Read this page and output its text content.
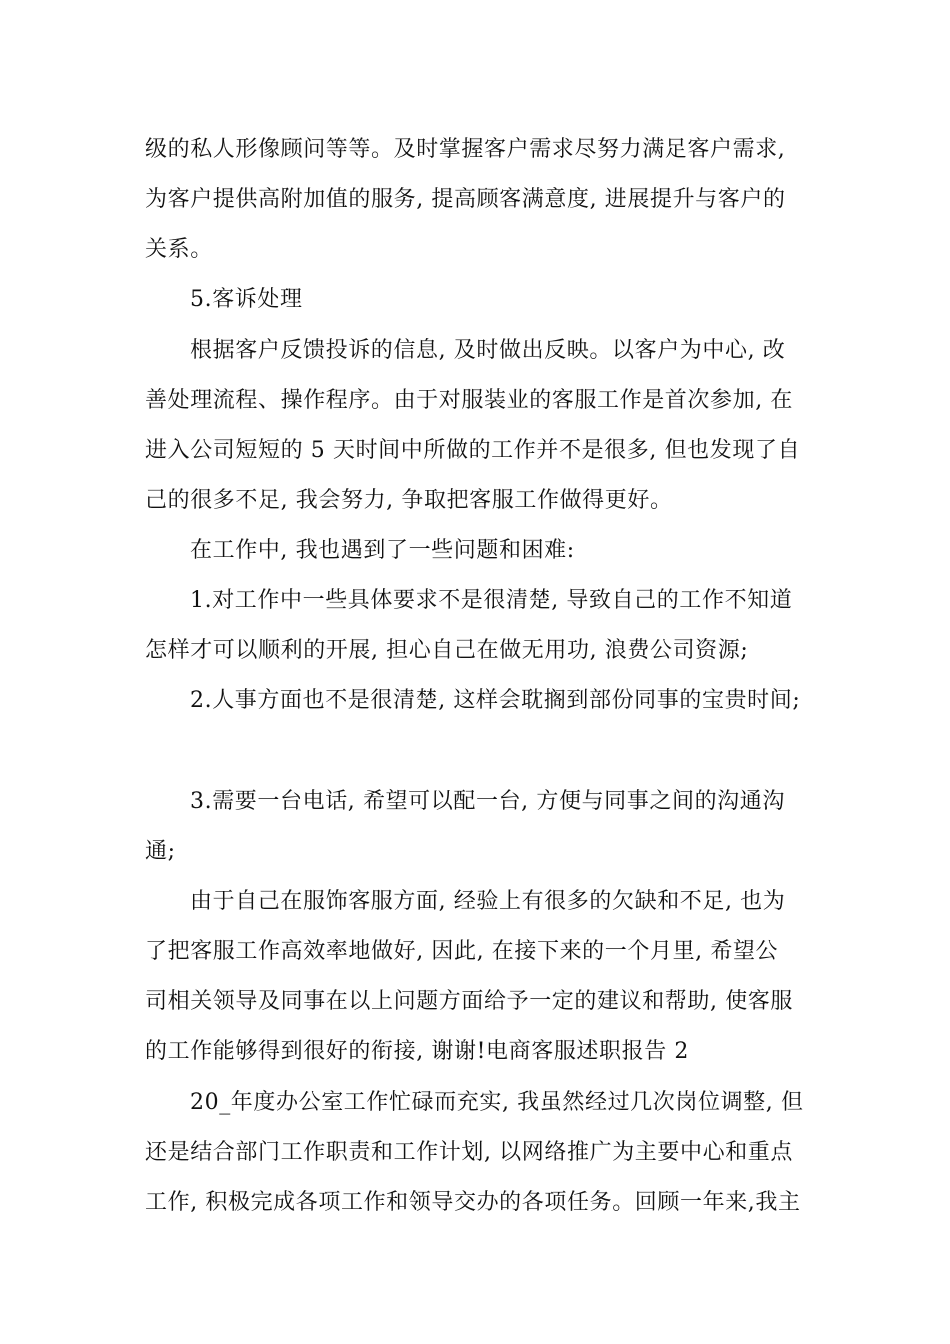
级的私人形像顾问等等。及时掌握客户需求尽努力满足客户需求,
为客户提供高附加值的服务, 提高顾客满意度, 进展提升与客户的
关系。
5.客诉处理
根据客户反馈投诉的信息, 及时做出反映。以客户为中心, 改
善处理流程、操作程序。由于对服装业的客服工作是首次参加, 在
进入公司短短的 5 天时间中所做的工作并不是很多, 但也发现了自
己的很多不足, 我会努力, 争取把客服工作做得更好。
在工作中, 我也遇到了一些问题和困难:
1.对工作中一些具体要求不是很清楚, 导致自己的工作不知道
怎样才可以顺利的开展, 担心自己在做无用功, 浪费公司资源;
2.人事方面也不是很清楚, 这样会耽搁到部份同事的宝贵时间;
3.需要一台电话, 希望可以配一台, 方便与同事之间的沟通沟
通;
由于自己在服饰客服方面, 经验上有很多的欠缺和不足, 也为
了把客服工作高效率地做好, 因此, 在接下来的一个月里, 希望公
司相关领导及同事在以上问题方面给予一定的建议和帮助, 使客服
的工作能够得到很好的衔接, 谢谢!电商客服述职报告 2
20_年度办公室工作忙碌而充实, 我虽然经过几次岗位调整, 但
还是结合部门工作职责和工作计划, 以网络推广为主要中心和重点
工作, 积极完成各项工作和领导交办的各项任务。回顾一年来,我主
